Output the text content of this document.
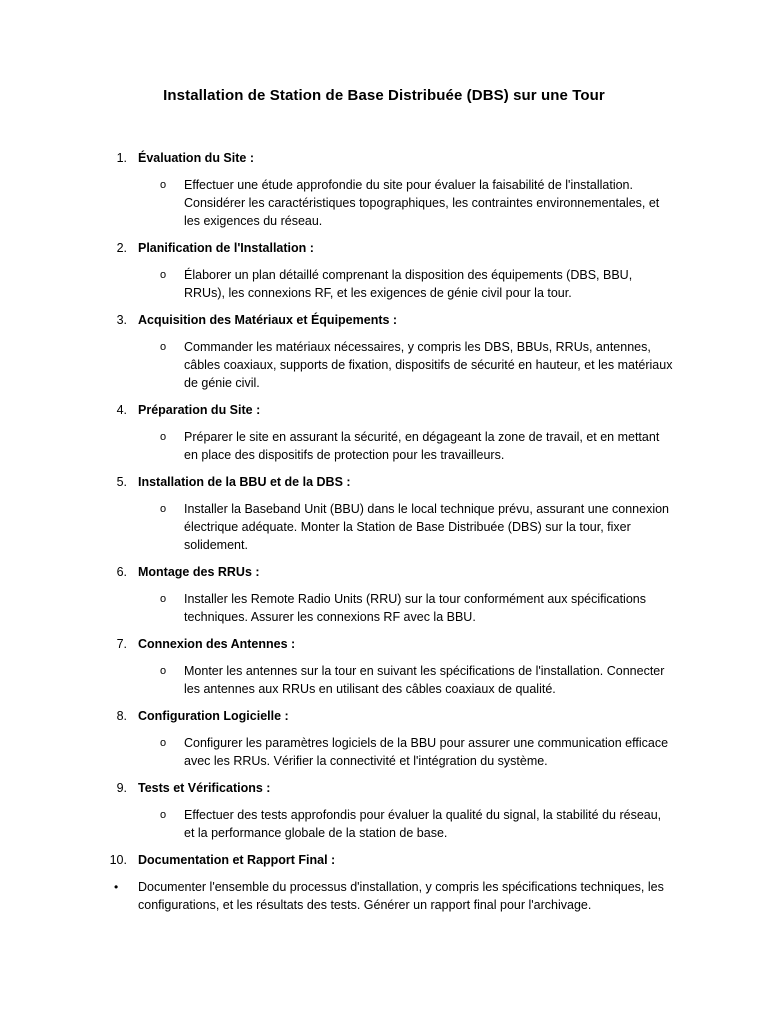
Installation de Station de Base Distribuée (DBS) sur une Tour
1. Évaluation du Site :
o Effectuer une étude approfondie du site pour évaluer la faisabilité de l'installation. Considérer les caractéristiques topographiques, les contraintes environnementales, et les exigences du réseau.
2. Planification de l'Installation :
o Élaborer un plan détaillé comprenant la disposition des équipements (DBS, BBU, RRUs), les connexions RF, et les exigences de génie civil pour la tour.
3. Acquisition des Matériaux et Équipements :
o Commander les matériaux nécessaires, y compris les DBS, BBUs, RRUs, antennes, câbles coaxiaux, supports de fixation, dispositifs de sécurité en hauteur, et les matériaux de génie civil.
4. Préparation du Site :
o Préparer le site en assurant la sécurité, en dégageant la zone de travail, et en mettant en place des dispositifs de protection pour les travailleurs.
5. Installation de la BBU et de la DBS :
o Installer la Baseband Unit (BBU) dans le local technique prévu, assurant une connexion électrique adéquate. Monter la Station de Base Distribuée (DBS) sur la tour, fixer solidement.
6. Montage des RRUs :
o Installer les Remote Radio Units (RRU) sur la tour conformément aux spécifications techniques. Assurer les connexions RF avec la BBU.
7. Connexion des Antennes :
o Monter les antennes sur la tour en suivant les spécifications de l'installation. Connecter les antennes aux RRUs en utilisant des câbles coaxiaux de qualité.
8. Configuration Logicielle :
o Configurer les paramètres logiciels de la BBU pour assurer une communication efficace avec les RRUs. Vérifier la connectivité et l'intégration du système.
9. Tests et Vérifications :
o Effectuer des tests approfondis pour évaluer la qualité du signal, la stabilité du réseau, et la performance globale de la station de base.
10. Documentation et Rapport Final :
• Documenter l'ensemble du processus d'installation, y compris les spécifications techniques, les configurations, et les résultats des tests. Générer un rapport final pour l'archivage.
